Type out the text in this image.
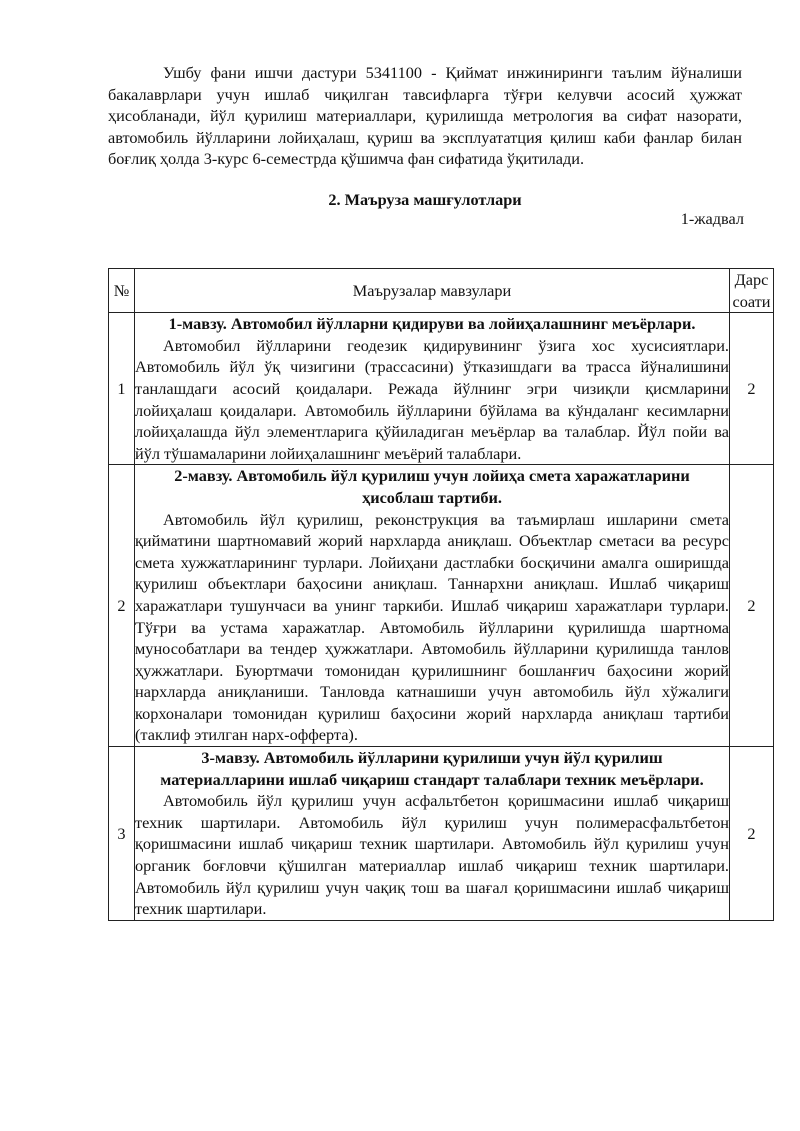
Ушбу фани ишчи дастури 5341100 - Қиймат инжиниринги таълим йўналиши бакалаврлари учун ишлаб чиқилган тавсифларга тўғри келувчи асосий ҳужжат ҳисобланади, йўл қурилиш материаллари, қурилишда метрология ва сифат назорати, автомобиль йўлларини лойиҳалаш, қуриш ва эксплуататция қилиш каби фанлар билан боғлиқ ҳолда 3-курс 6-семестрда қўшимча фан сифатида ўқитилади.

2. Маъруза машғулотлари
1-жадвал
№	Маърузалар мавзулари	Дарс
соати

1	1-мавзу. Автомобил йўлларни қидируви ва лойиҳалашнинг меъёрлари.

Автомобил йўлларини геодезик қидирувининг ўзига хос хусисиятлари. Автомобиль йўл ўқ чизигини (трассасини) ўтказишдаги ва трасса йўналишини танлашдаги асосий қоидалари. Режада йўлнинг эгри чизиқли қисмларини лойиҳалаш қоидалари. Автомобиль йўлларини бўйлама ва кўндаланг кесимларни лойиҳалашда йўл элементларига қўйиладиган меъёрлар ва талаблар. Йўл пойи ва йўл тўшамаларини лойиҳалашнинг меъёрий талаблари.	2
2	2-мавзу. Автомобиль йўл қурилиш учун лойиҳа смета харажатларини ҳисоблаш тартиби.

Автомобиль йўл қурилиш, реконструкция ва таъмирлаш ишларини смета қийматини шартномавий жорий нархларда аниқлаш. Объектлар сметаси ва ресурс смета хужжатларининг турлари. Лойиҳани дастлабки босқичини амалга оширишда қурилиш объектлари баҳосини аниқлаш. Таннархни аниқлаш. Ишлаб чиқариш харажатлари тушунчаси ва унинг таркиби. Ишлаб чиқариш харажатлари турлари. Тўғри ва устама харажатлар. Автомобиль йўлларини қурилишда шартнома мунособатлари ва тендер ҳужжатлари. Автомобиль йўлларини қурилишда танлов ҳужжатлари. Буюртмачи томонидан қурилишнинг бошланғич баҳосини жорий нархларда аниқланиши. Танловда катнашиши учун автомобиль йўл хўжалиги корхоналари томонидан қурилиш баҳосини жорий нархларда аниқлаш тартиби (таклиф этилган нарх-офферта).	2
3	3-мавзу. Автомобиль йўлларини қурилиши учун йўл қурилиш материалларини ишлаб чиқариш стандарт талаблари техник меъёрлари.

Автомобиль йўл қурилиш учун асфальтбетон қоришмасини ишлаб чиқариш техник шартилари. Автомобиль йўл қурилиш учун полимерасфальтбетон қоришмасини ишлаб чиқариш техник шартилари. Автомобиль йўл қурилиш учун органик боғловчи қўшилган материаллар ишлаб чиқариш техник шартилари. Автомобиль йўл қурилиш учун чақиқ тош ва шағал қоришмасини ишлаб чиқариш техник шартилари.	2
